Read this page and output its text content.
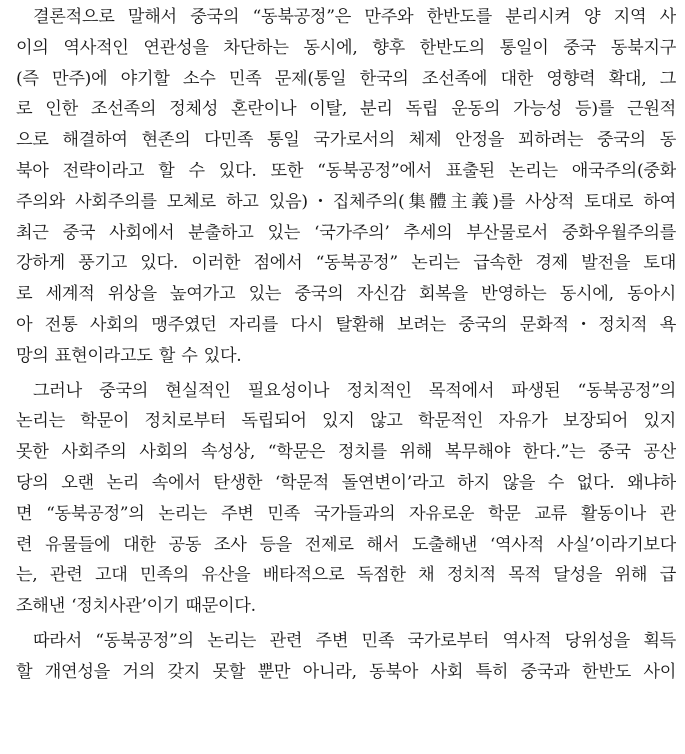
결론적으로 말해서 중국의 “동북공정”은 만주와 한반도를 분리시켜 양 지역 사
이의 역사적인 연관성을 차단하는 동시에, 향후 한반도의 통일이 중국 동북지구
(즉 만주)에 야기할 소수 민족 문제(통일 한국의 조선족에 대한 영향력 확대, 그
로 인한 조선족의 정체성 혼란이나 이탈, 분리 독립 운동의 가능성 등)를 근원적
으로 해결하여 현존의 다민족 통일 국가로서의 체제 안정을 꾀하려는 중국의 동
북아 전략이라고 할 수 있다. 또한 “동북공정”에서 표출된 논리는 애국주의(중화
주의와 사회주의를 모체로 하고 있음)・집체주의(集體主義)를 사상적 토대로 하여
최근 중국 사회에서 분출하고 있는 ‘국가주의’ 추세의 부산물로서 중화우월주의를
강하게 풍기고 있다. 이러한 점에서 “동북공정” 논리는 급속한 경제 발전을 토대
로 세계적 위상을 높여가고 있는 중국의 자신감 회복을 반영하는 동시에, 동아시
아 전통 사회의 맹주였던 자리를 다시 탈환해 보려는 중국의 문화적・정치적 욕
망의 표현이라고도 할 수 있다.
그러나 중국의 현실적인 필요성이나 정치적인 목적에서 파생된 “동북공정”의
논리는 학문이 정치로부터 독립되어 있지 않고 학문적인 자유가 보장되어 있지
못한 사회주의 사회의 속성상, “학문은 정치를 위해 복무해야 한다.”는 중국 공산
당의 오랜 논리 속에서 탄생한 ‘학문적 돌연변이’라고 하지 않을 수 없다. 왜냐하
면 “동북공정”의 논리는 주변 민족 국가들과의 자유로운 학문 교류 활동이나 관
련 유물들에 대한 공동 조사 등을 전제로 해서 도출해낸 ‘역사적 사실’이라기보다
는, 관련 고대 민족의 유산을 배타적으로 독점한 채 정치적 목적 달성을 위해 급
조해낸 ‘정치사관’이기 때문이다.
따라서 “동북공정”의 논리는 관련 주변 민족 국가로부터 역사적 당위성을 획득
할 개연성을 거의 갖지 못할 뿐만 아니라, 동북아 사회 특히 중국과 한반도 사이
